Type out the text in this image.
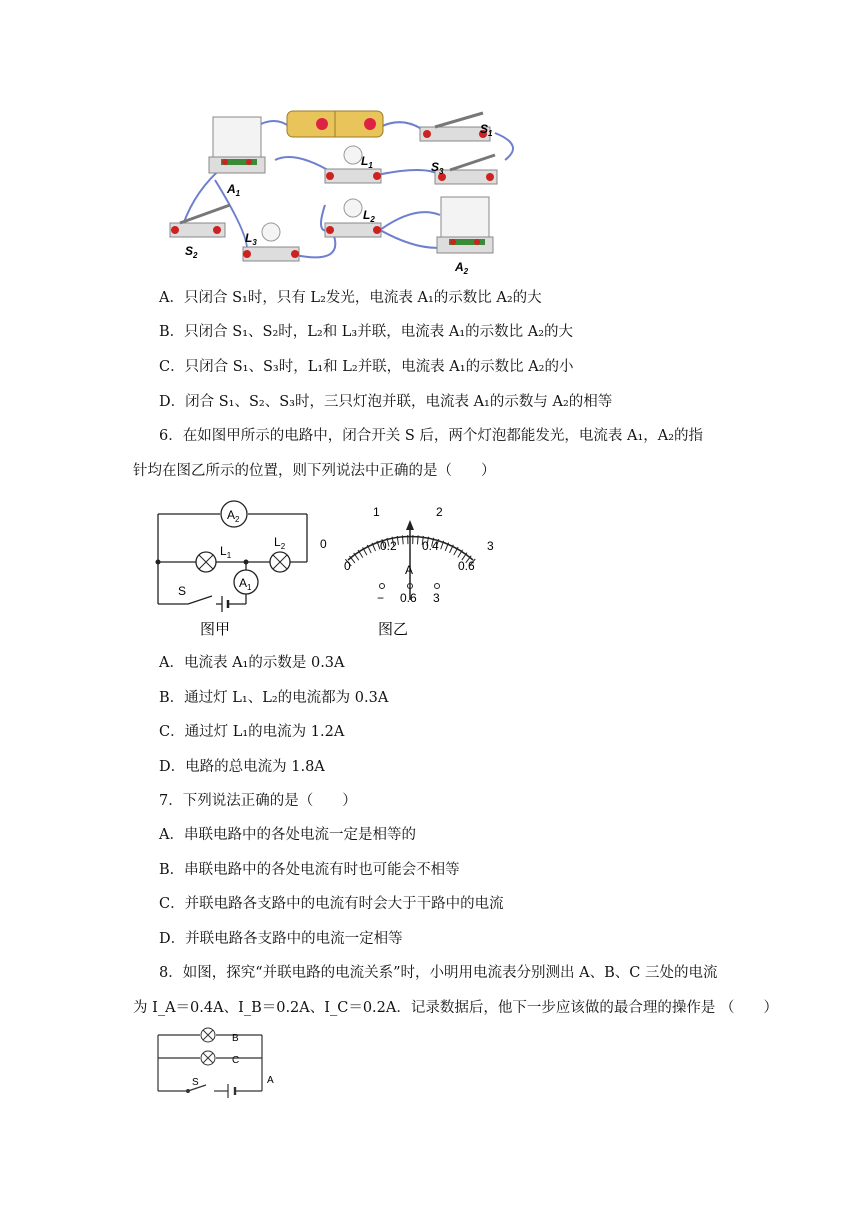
$A_1$
$S_1$
$S_3$
$L_1$
$L_2$
$L_3$
$S_2$
$A_2$
A．只闭合 S₁时，只有 L₂发光，电流表 A₁的示数比 A₂的大
B．只闭合 S₁、S₂时，L₂和 L₃并联，电流表 A₁的示数比 A₂的大
C．只闭合 S₁、S₃时，L₁和 L₂并联，电流表 A₁的示数比 A₂的小
D．闭合 S₁、S₂、S₃时，三只灯泡并联，电流表 A₁的示数与 A₂的相等
6．在如图甲所示的电路中，闭合开关 S 后，两个灯泡都能发光，电流表 A₁，A₂的指
针均在图乙所示的位置，则下列说法中正确的是（　　）
$A_2$
$L_1$
$L_2$
$A_1$
S
图甲
0
1	2
3
0
0.2 0.4
0.6
A
− 0.6 3
图乙
A．电流表 A₁的示数是 0.3A
B．通过灯 L₁、L₂的电流都为 0.3A
C．通过灯 L₁的电流为 1.2A
D．电路的总电流为 1.8A
7．下列说法正确的是（　　）
A．串联电路中的各处电流一定是相等的
B．串联电路中的各处电流有时也可能会不相等
C．并联电路各支路中的电流有时会大于干路中的电流
D．并联电路各支路中的电流一定相等
8．如图，探究“并联电路的电流关系”时，小明用电流表分别测出 A、B、C 三处的电流
为 I_A＝0.4A、I_B＝0.2A、I_C＝0.2A．记录数据后，他下一步应该做的最合理的操作是 （　　）
B
C
A
S
